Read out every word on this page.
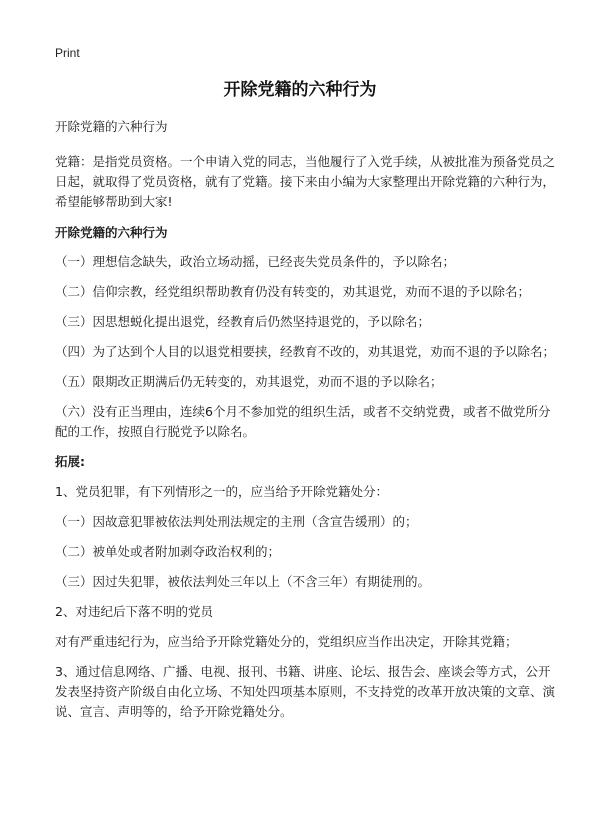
Print
开除党籍的六种行为

开除党籍的六种行为

党籍：是指党员资格。一个申请入党的同志，当他履行了入党手续，从被批准为预备党员之日起，就取得了党员资格，就有了党籍。接下来由小编为大家整理出开除党籍的六种行为，希望能够帮助到大家!

开除党籍的六种行为

（一）理想信念缺失，政治立场动摇，已经丧失党员条件的，予以除名；

（二）信仰宗教，经党组织帮助教育仍没有转变的，劝其退党，劝而不退的予以除名；

（三）因思想蜕化提出退党，经教育后仍然坚持退党的，予以除名；

（四）为了达到个人目的以退党相要挟，经教育不改的，劝其退党，劝而不退的予以除名；

（五）限期改正期满后仍无转变的，劝其退党，劝而不退的予以除名；

（六）没有正当理由，连续6个月不参加党的组织生活，或者不交纳党费，或者不做党所分配的工作，按照自行脱党予以除名。

拓展:

1、党员犯罪，有下列情形之一的，应当给予开除党籍处分：

（一）因故意犯罪被依法判处刑法规定的主刑（含宣告缓刑）的；

（二）被单处或者附加剥夺政治权利的；

（三）因过失犯罪，被依法判处三年以上（不含三年）有期徒刑的。

2、对违纪后下落不明的党员

对有严重违纪行为，应当给予开除党籍处分的，党组织应当作出决定，开除其党籍；

3、通过信息网络、广播、电视、报刊、书籍、讲座、论坛、报告会、座谈会等方式，公开发表坚持资产阶级自由化立场、不知处四项基本原则，不支持党的改革开放决策的文章、演说、宣言、声明等的，给予开除党籍处分。
